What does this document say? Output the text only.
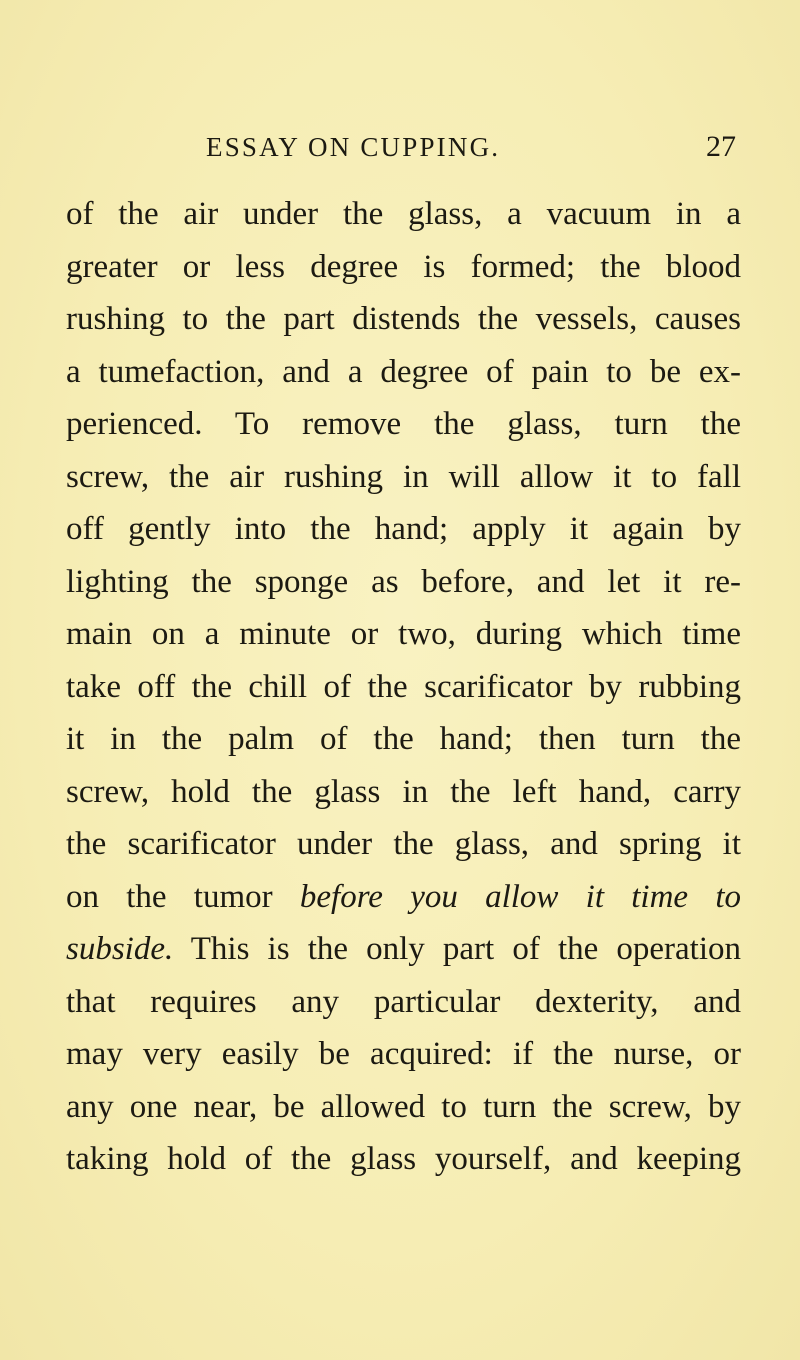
ESSAY ON CUPPING.	27
of the air under the glass, a vacuum in a
greater or less degree is formed; the blood
rushing to the part distends the vessels, causes
a tumefaction, and a degree of pain to be ex-
perienced. To remove the glass, turn the
screw, the air rushing in will allow it to fall
off gently into the hand; apply it again by
lighting the sponge as before, and let it re-
main on a minute or two, during which time
take off the chill of the scarificator by rubbing
it in the palm of the hand; then turn the
screw, hold the glass in the left hand, carry
the scarificator under the glass, and spring it
on the tumor before you allow it time to
subside. This is the only part of the operation
that requires any particular dexterity, and
may very easily be acquired: if the nurse, or
any one near, be allowed to turn the screw, by
taking hold of the glass yourself, and keeping
